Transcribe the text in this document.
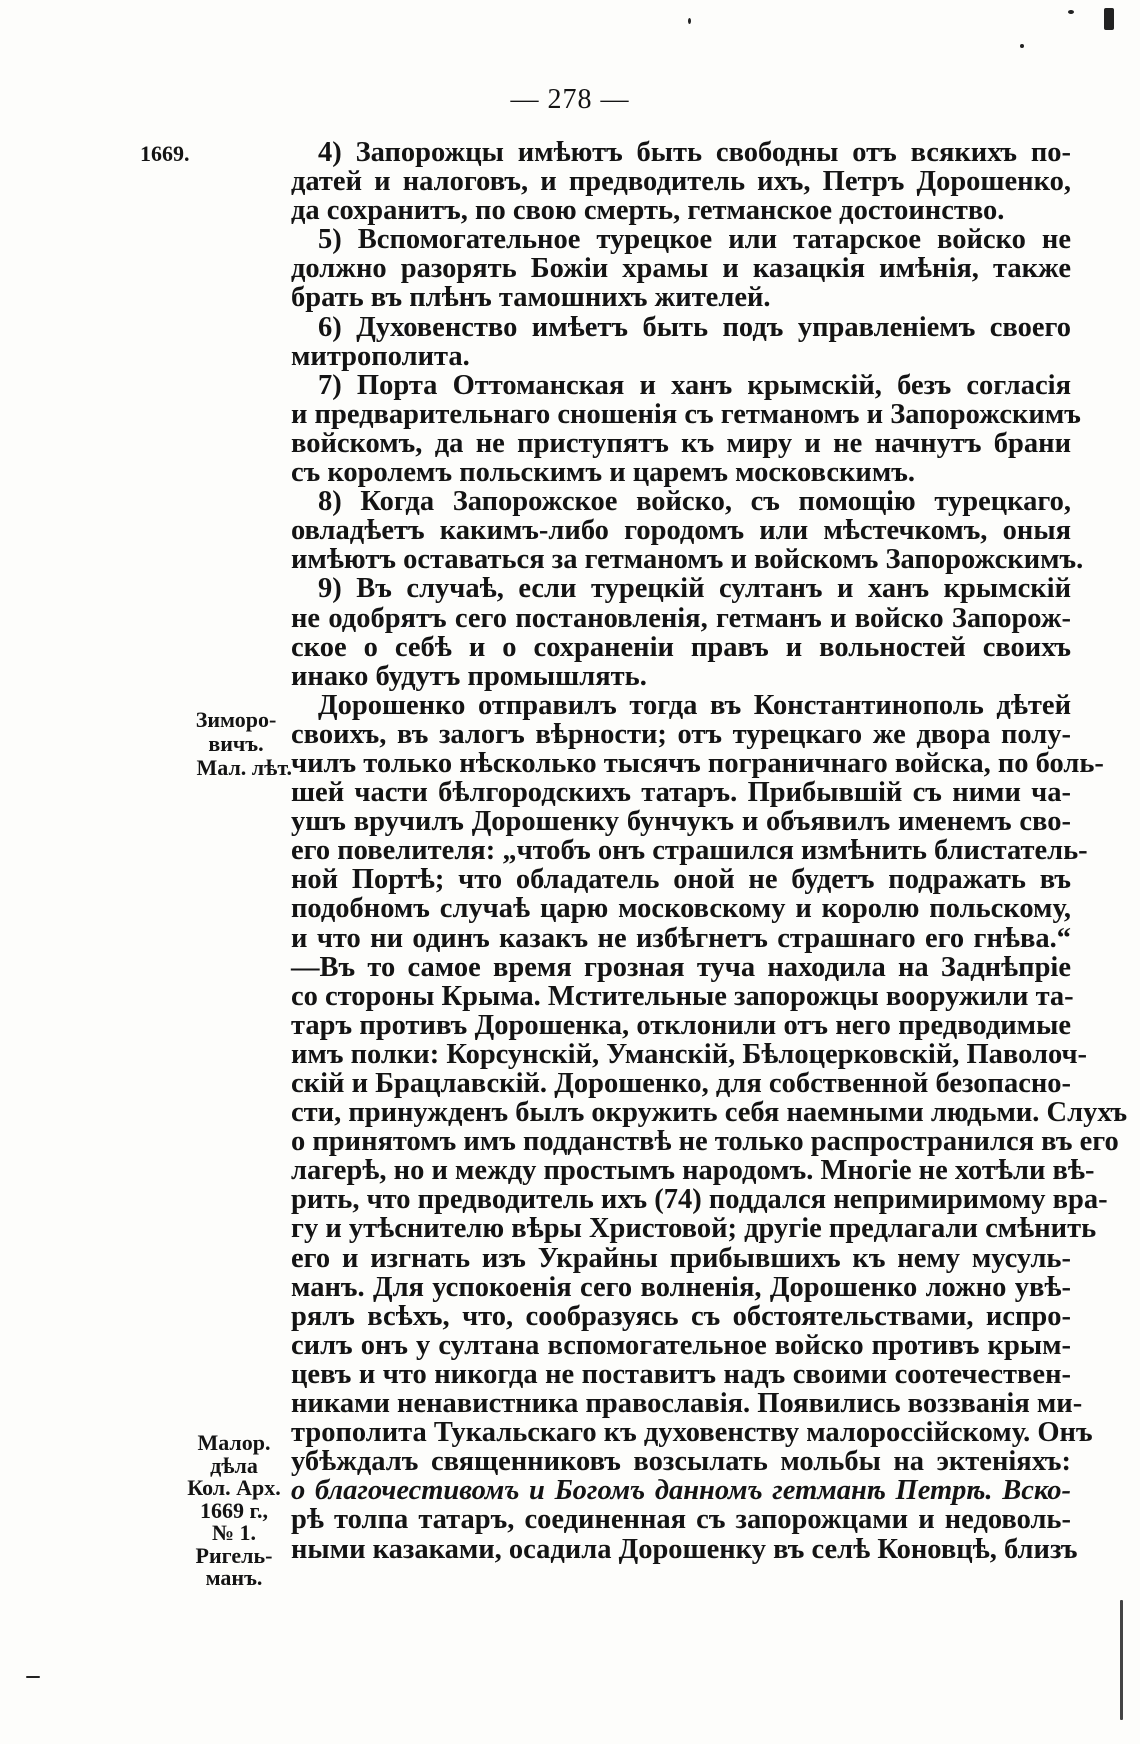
— 278 —
1669.
Зиморо-
вичъ.
Мал. лѣт.
Малор.
дѣла
Кол. Арх.
1669 г.,
№ 1.
Ригель-
манъ.
4) Запорожцы имѣютъ быть свободны отъ всякихъ по-
датей и налоговъ, и предводитель ихъ, Петръ Дорошенко,
да сохранитъ, по свою смерть, гетманское достоинство.
5) Вспомогательное турецкое или татарское войско не
должно разорять Божіи храмы и казацкія имѣнія, также
брать въ плѣнъ тамошнихъ жителей.
6) Духовенство имѣетъ быть подъ управленіемъ своего
митрополита.
7) Порта Оттоманская и ханъ крымскій, безъ согласія
и предварительнаго сношенія съ гетманомъ и Запорожскимъ
войскомъ, да не приступятъ къ миру и не начнутъ брани
съ королемъ польскимъ и царемъ московскимъ.
8) Когда Запорожское войско, съ помощію турецкаго,
овладѣетъ какимъ-либо городомъ или мѣстечкомъ, оныя
имѣютъ оставаться за гетманомъ и войскомъ Запорожскимъ.
9) Въ случаѣ, если турецкій султанъ и ханъ крымскій
не одобрятъ сего постановленія, гетманъ и войско Запорож-
ское о себѣ и о сохраненіи правъ и вольностей своихъ
инако будутъ промышлять.
Дорошенко отправилъ тогда въ Константинополь дѣтей
своихъ, въ залогъ вѣрности; отъ турецкаго же двора полу-
чилъ только нѣсколько тысячъ пограничнаго войска, по боль-
шей части бѣлгородскихъ татаръ. Прибывшій съ ними ча-
ушъ вручилъ Дорошенку бунчукъ и объявилъ именемъ сво-
его повелителя: „чтобъ онъ страшился измѣнить блистатель-
ной Портѣ; что обладатель оной не будетъ подражать въ
подобномъ случаѣ царю московскому и королю польскому,
и что ни одинъ казакъ не избѣгнетъ страшнаго его гнѣва.“
—Въ то самое время грозная туча находила на Заднѣпріе
со стороны Крыма. Мстительные запорожцы вооружили та-
таръ противъ Дорошенка, отклонили отъ него предводимые
имъ полки: Корсунскій, Уманскій, Бѣлоцерковскій, Паволоч-
скій и Брацлавскій. Дорошенко, для собственной безопасно-
сти, принужденъ былъ окружить себя наемными людьми. Слухъ
о принятомъ имъ подданствѣ не только распространился въ его
лагерѣ, но и между простымъ народомъ. Многіе не хотѣли вѣ-
рить, что предводитель ихъ (74) поддался непримиримому вра-
гу и утѣснителю вѣры Христовой; другіе предлагали смѣнить
его и изгнать изъ Украйны прибывшихъ къ нему мусуль-
манъ. Для успокоенія сего волненія, Дорошенко ложно увѣ-
рялъ всѣхъ, что, сообразуясь съ обстоятельствами, испро-
силъ онъ у султана вспомогательное войско противъ крым-
цевъ и что никогда не поставитъ надъ своими соотечествен-
никами ненавистника православія. Появились воззванія ми-
трополита Тукальскаго къ духовенству малороссійскому. Онъ
убѣждалъ священниковъ возсылать мольбы на эктеніяхъ:
о благочестивомъ и Богомъ данномъ гетманѣ Петрѣ. Вско-
рѣ толпа татаръ, соединенная съ запорожцами и недоволь-
ными казаками, осадила Дорошенку въ селѣ Коновцѣ, близъ
